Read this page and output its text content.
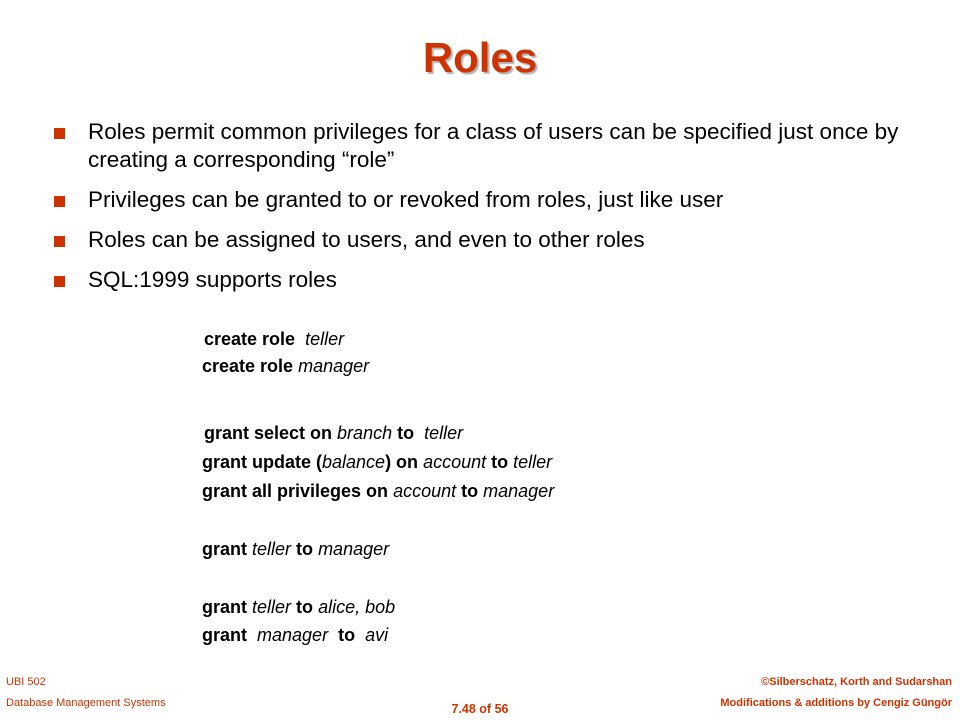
Roles
Roles permit common privileges for a class of users can be specified just once by creating a corresponding “role”
Privileges can be granted to or revoked from roles, just like user
Roles can be assigned to users, and even to other roles
SQL:1999 supports roles
create role teller
create role manager
grant select on branch to teller
grant update (balance) on account to teller
grant all privileges on account to manager
grant teller to manager
grant teller to alice, bob
grant manager to avi
UBI 502
Database Management Systems	7.48 of 56
©Silberschatz, Korth and Sudarshan
Modifications & additions by Cengiz Güngör
